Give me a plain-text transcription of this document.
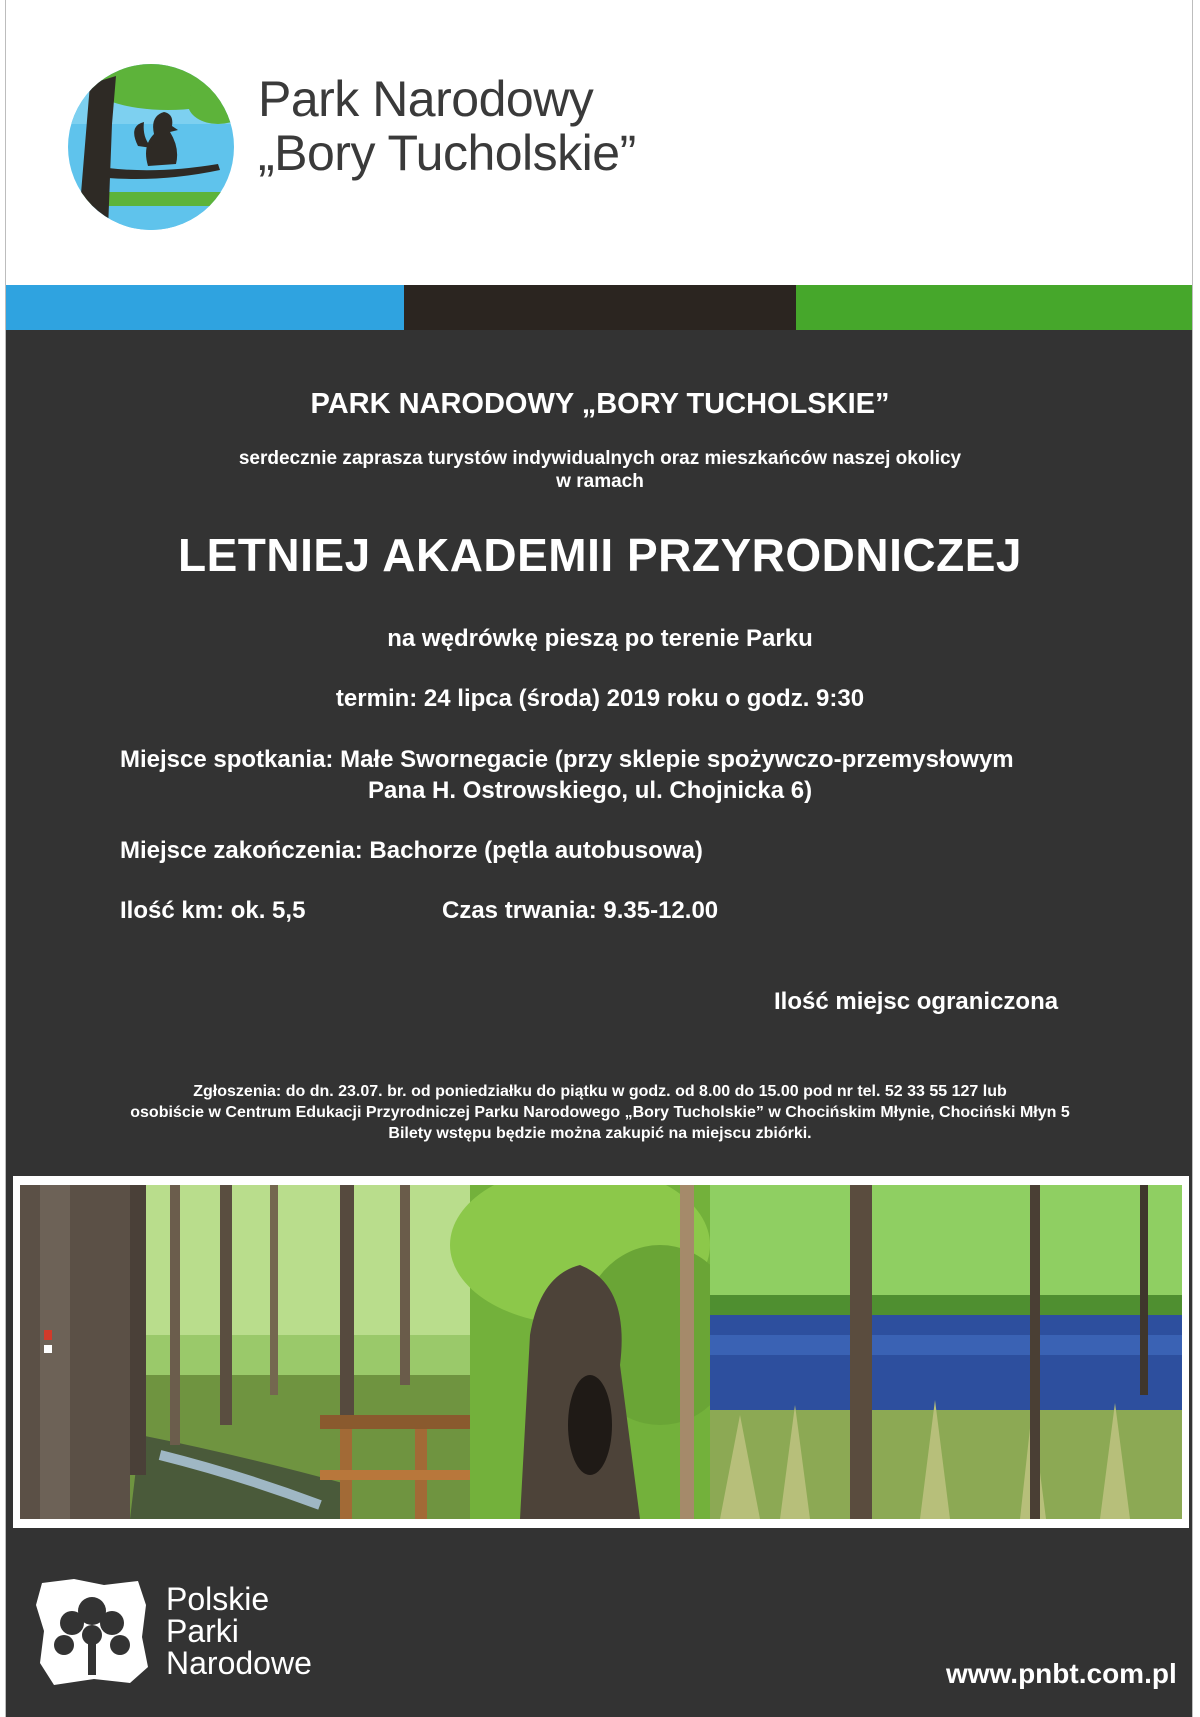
Park Narodowy
„Bory Tucholskie”
PARK NARODOWY „BORY TUCHOLSKIE”
serdecznie zaprasza turystów indywidualnych oraz mieszkańców naszej okolicy
w ramach
LETNIEJ AKADEMII PRZYRODNICZEJ
na wędrówkę pieszą po terenie Parku
termin: 24 lipca (środa) 2019 roku o godz. 9:30
Miejsce spotkania: Małe Swornegacie (przy sklepie spożywczo-przemysłowym
Pana H. Ostrowskiego, ul. Chojnicka 6)
Miejsce zakończenia: Bachorze (pętla autobusowa)
Ilość km: ok. 5,5	Czas trwania: 9.35-12.00
Ilość miejsc ograniczona
Zgłoszenia: do dn. 23.07. br. od poniedziałku do piątku w godz. od 8.00 do 15.00 pod nr tel. 52 33 55 127 lub
osobiście w Centrum Edukacji Przyrodniczej Parku Narodowego „Bory Tucholskie” w Chocińskim Młynie, Chociński Młyn 5
Bilety wstępu będzie można zakupić na miejscu zbiórki.
Polskie
Parki
Narodowe	www.pnbt.com.pl
